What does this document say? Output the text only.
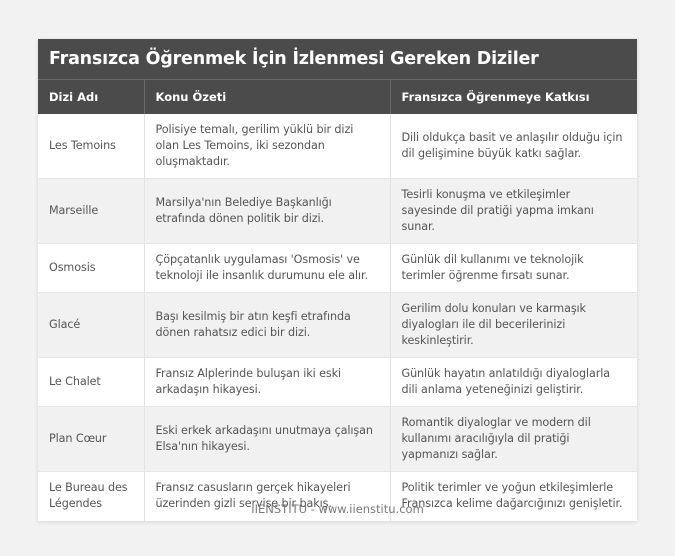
Fransızca Öğrenmek İçin İzlenmesi Gereken Diziler
Dizi Adı	Konu Özeti	Fransızca Öğrenmeye Katkısı
Les Temoins	Polisiye temalı, gerilim yüklü bir dizi olan Les Temoins, iki sezondan oluşmaktadır.	Dili oldukça basit ve anlaşılır olduğu için dil gelişimine büyük katkı sağlar.
Marseille	Marsilya'nın Belediye Başkanlığı etrafında dönen politik bir dizi.	Tesirli konuşma ve etkileşimler sayesinde dil pratiği yapma imkanı sunar.
Osmosis	Çöpçatanlık uygulaması 'Osmosis' ve teknoloji ile insanlık durumunu ele alır.	Günlük dil kullanımı ve teknolojik terimler öğrenme fırsatı sunar.
Glacé	Başı kesilmiş bir atın keşfi etrafında dönen rahatsız edici bir dizi.	Gerilim dolu konuları ve karmaşık diyalogları ile dil becerilerinizi keskinleştirir.
Le Chalet	Fransız Alplerinde buluşan iki eski arkadaşın hikayesi.	Günlük hayatın anlatıldığı diyaloglarla dili anlama yeteneğinizi geliştirir.
Plan Cœur	Eski erkek arkadaşını unutmaya çalışan Elsa'nın hikayesi.	Romantik diyaloglar ve modern dil kullanımı aracılığıyla dil pratiği yapmanızı sağlar.
Le Bureau des Légendes	Fransız casusların gerçek hikayeleri üzerinden gizli servise bir bakış.	Politik terimler ve yoğun etkileşimlerle Fransızca kelime dağarcığınızı genişletir.
IIENSTITU - www.iienstitu.com
